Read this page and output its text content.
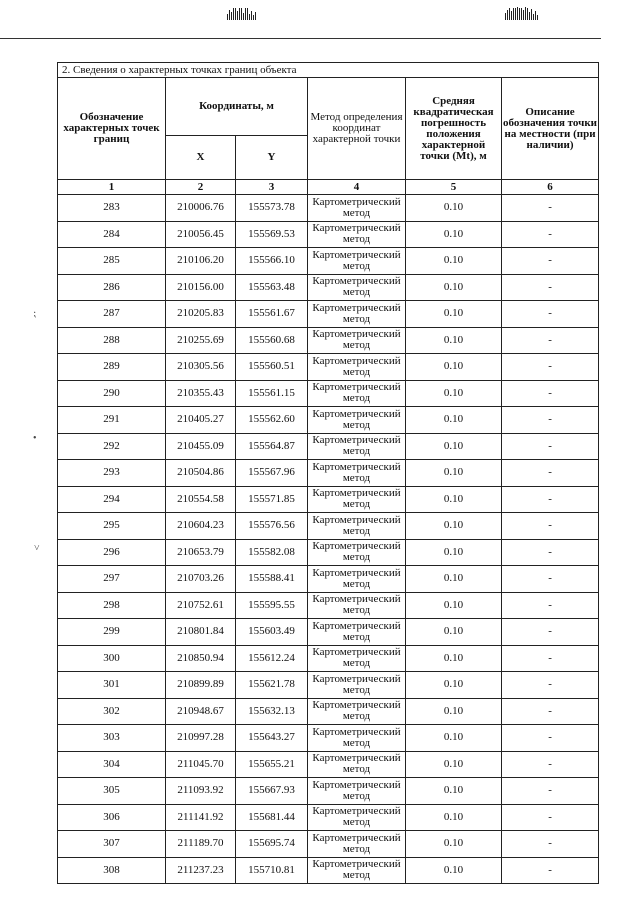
⁏
•
˅
2. Сведения о характерных точках границ объекта					
Обозначение характерных точек границ	Координаты, м		Метод определения координат характерной точки	Средняя квадратическая погрешность положения характерной точки (Mt), м	Описание обозначения точки на местности (при наличии)
	X	Y			
1	2	3	4	5	6
283	210006.76	155573.78	Картометрический метод	0.10	-
284	210056.45	155569.53	Картометрический метод	0.10	-
285	210106.20	155566.10	Картометрический метод	0.10	-
286	210156.00	155563.48	Картометрический метод	0.10	-
287	210205.83	155561.67	Картометрический метод	0.10	-
288	210255.69	155560.68	Картометрический метод	0.10	-
289	210305.56	155560.51	Картометрический метод	0.10	-
290	210355.43	155561.15	Картометрический метод	0.10	-
291	210405.27	155562.60	Картометрический метод	0.10	-
292	210455.09	155564.87	Картометрический метод	0.10	-
293	210504.86	155567.96	Картометрический метод	0.10	-
294	210554.58	155571.85	Картометрический метод	0.10	-
295	210604.23	155576.56	Картометрический метод	0.10	-
296	210653.79	155582.08	Картометрический метод	0.10	-
297	210703.26	155588.41	Картометрический метод	0.10	-
298	210752.61	155595.55	Картометрический метод	0.10	-
299	210801.84	155603.49	Картометрический метод	0.10	-
300	210850.94	155612.24	Картометрический метод	0.10	-
301	210899.89	155621.78	Картометрический метод	0.10	-
302	210948.67	155632.13	Картометрический метод	0.10	-
303	210997.28	155643.27	Картометрический метод	0.10	-
304	211045.70	155655.21	Картометрический метод	0.10	-
305	211093.92	155667.93	Картометрический метод	0.10	-
306	211141.92	155681.44	Картометрический метод	0.10	-
307	211189.70	155695.74	Картометрический метод	0.10	-
308	211237.23	155710.81	Картометрический метод	0.10	-
